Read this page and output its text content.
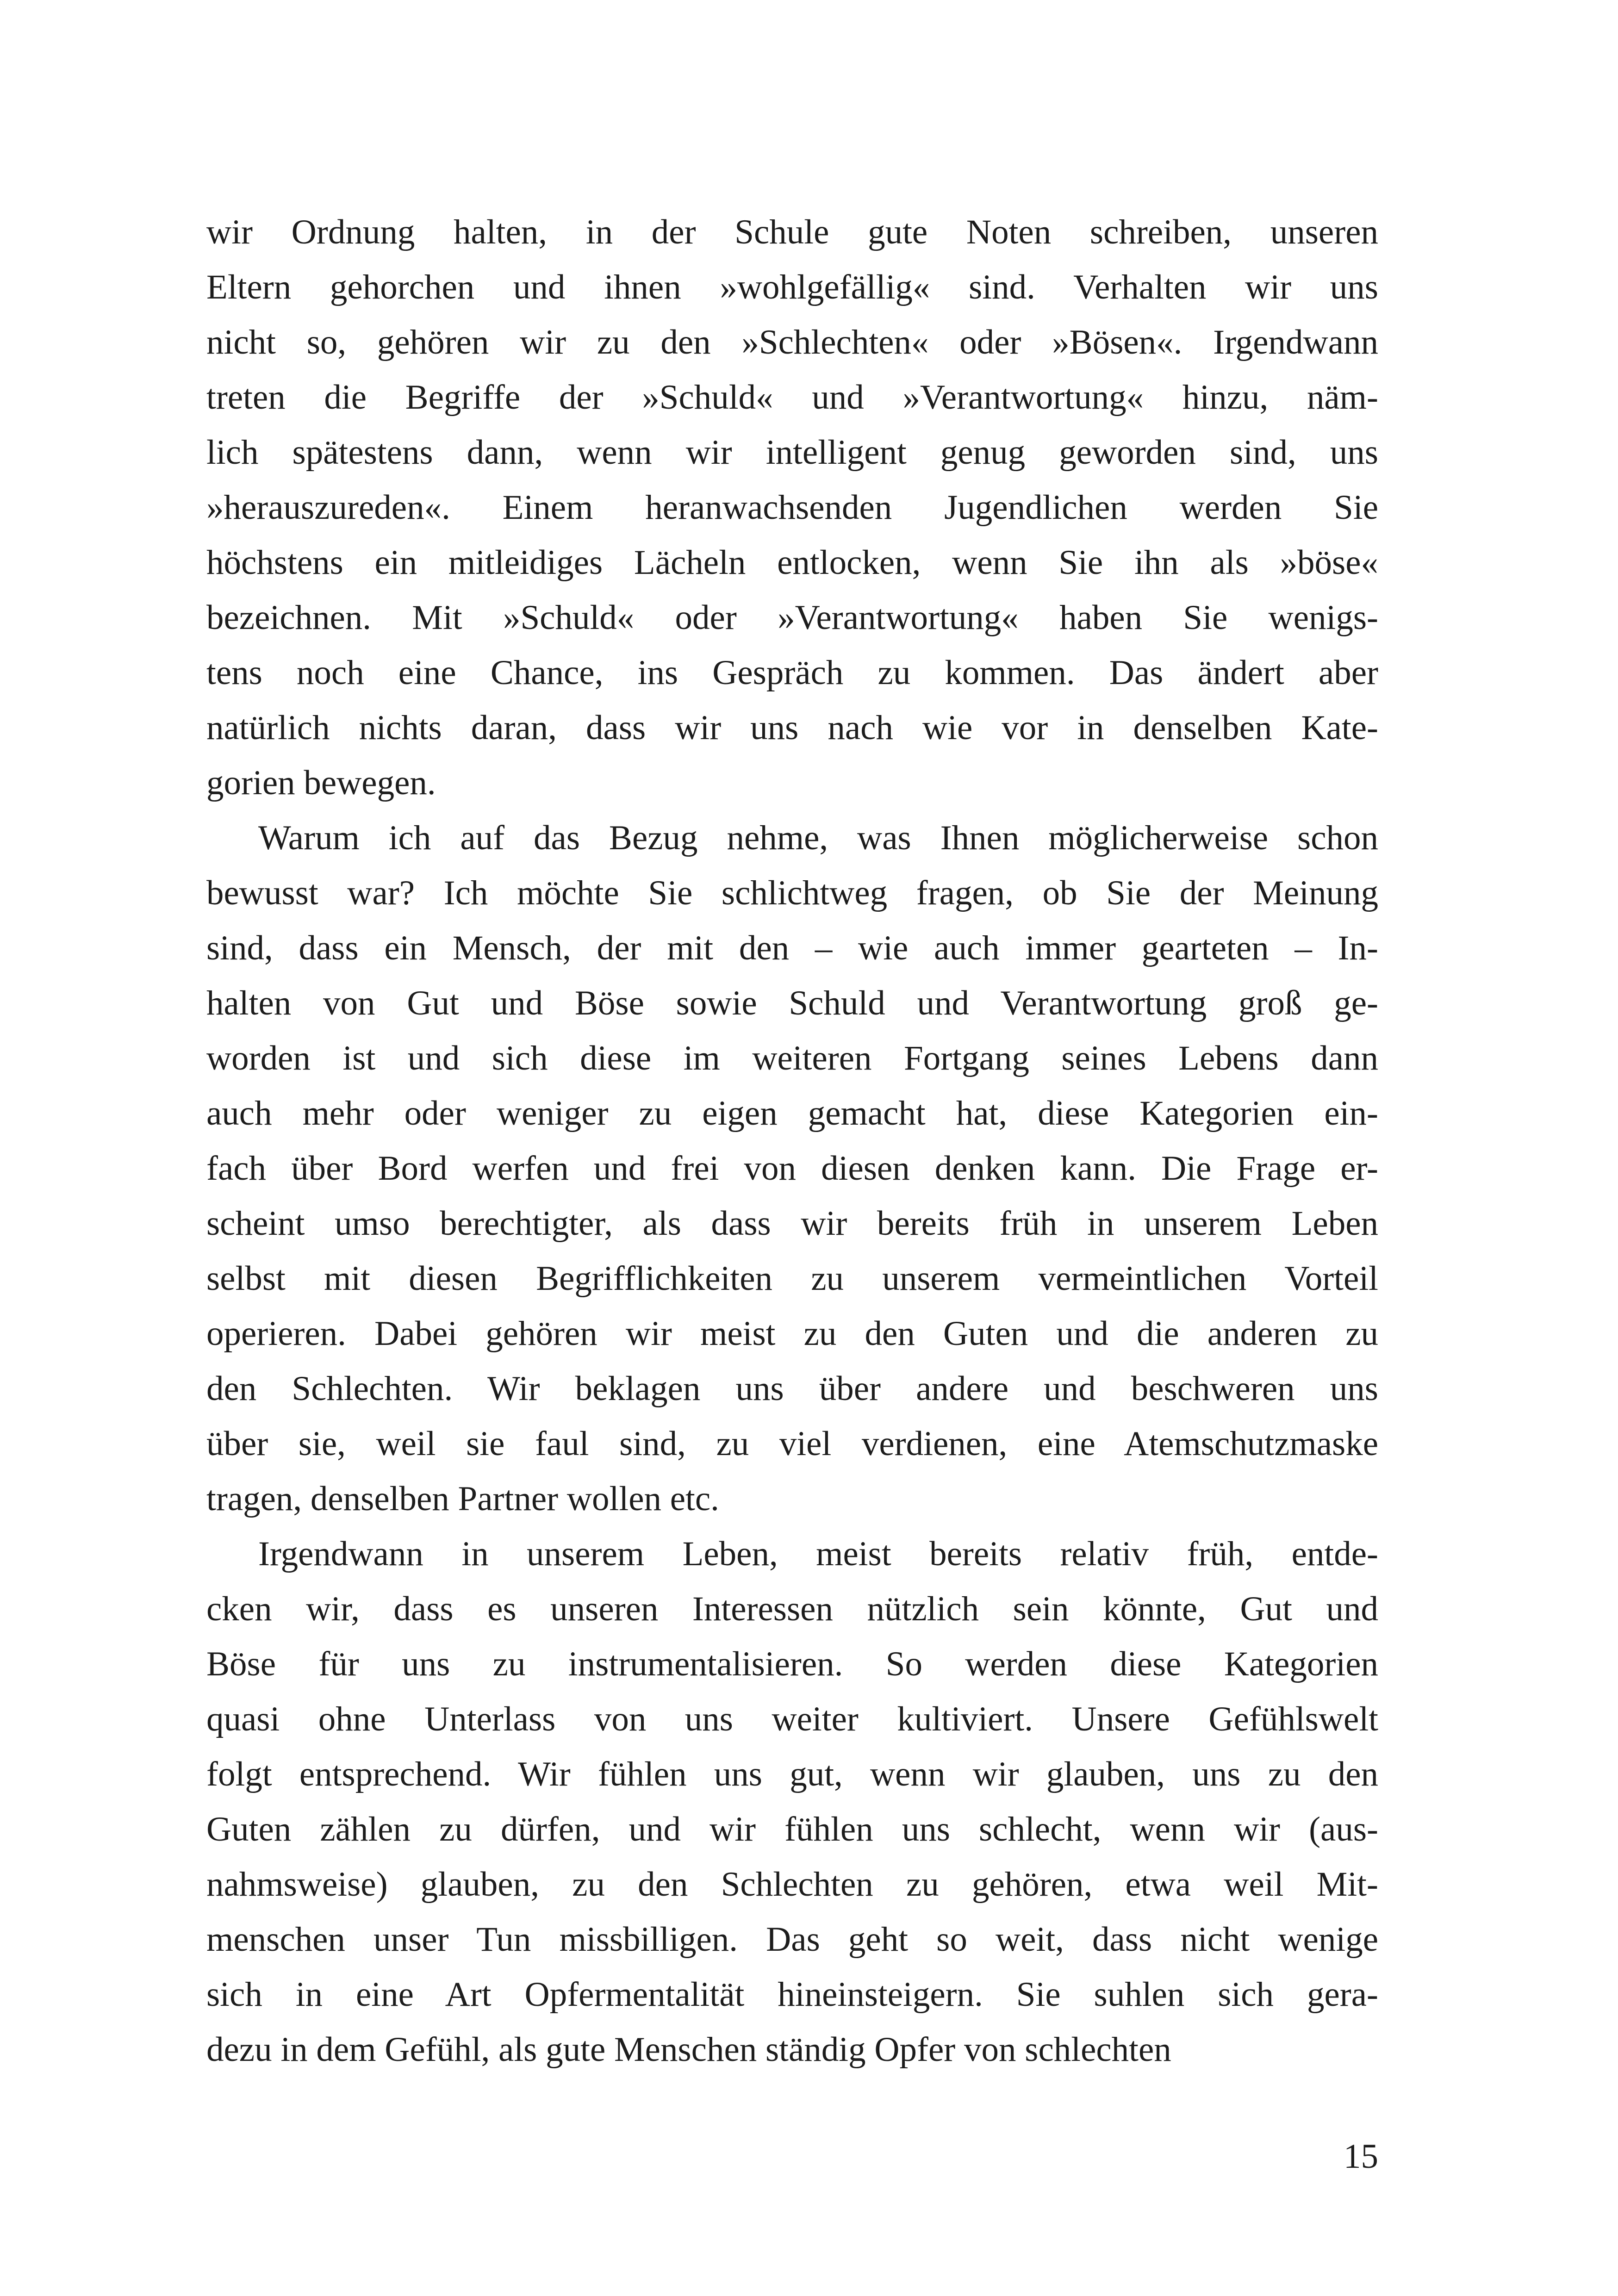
wir Ordnung halten, in der Schule gute Noten schreiben, unseren
Eltern gehorchen und ihnen »wohlgefällig« sind. Verhalten wir uns
nicht so, gehören wir zu den »Schlechten« oder »Bösen«. Irgendwann
treten die Begriffe der »Schuld« und »Verantwortung« hinzu, näm-
lich spätestens dann, wenn wir intelligent genug geworden sind, uns
»herauszureden«. Einem heranwachsenden Jugendlichen werden Sie
höchstens ein mitleidiges Lächeln entlocken, wenn Sie ihn als »böse«
bezeichnen. Mit »Schuld« oder »Verantwortung« haben Sie wenigs-
tens noch eine Chance, ins Gespräch zu kommen. Das ändert aber
natürlich nichts daran, dass wir uns nach wie vor in denselben Kate-
gorien bewegen.

Warum ich auf das Bezug nehme, was Ihnen möglicherweise schon
bewusst war? Ich möchte Sie schlichtweg fragen, ob Sie der Meinung
sind, dass ein Mensch, der mit den – wie auch immer gearteten – In-
halten von Gut und Böse sowie Schuld und Verantwortung groß ge-
worden ist und sich diese im weiteren Fortgang seines Lebens dann
auch mehr oder weniger zu eigen gemacht hat, diese Kategorien ein-
fach über Bord werfen und frei von diesen denken kann. Die Frage er-
scheint umso berechtigter, als dass wir bereits früh in unserem Leben
selbst mit diesen Begrifflichkeiten zu unserem vermeintlichen Vorteil
operieren. Dabei gehören wir meist zu den Guten und die anderen zu
den Schlechten. Wir beklagen uns über andere und beschweren uns
über sie, weil sie faul sind, zu viel verdienen, eine Atemschutzmaske
tragen, denselben Partner wollen etc.

Irgendwann in unserem Leben, meist bereits relativ früh, entde-
cken wir, dass es unseren Interessen nützlich sein könnte, Gut und
Böse für uns zu instrumentalisieren. So werden diese Kategorien
quasi ohne Unterlass von uns weiter kultiviert. Unsere Gefühlswelt
folgt entsprechend. Wir fühlen uns gut, wenn wir glauben, uns zu den
Guten zählen zu dürfen, und wir fühlen uns schlecht, wenn wir (aus-
nahmsweise) glauben, zu den Schlechten zu gehören, etwa weil Mit-
menschen unser Tun missbilligen. Das geht so weit, dass nicht wenige
sich in eine Art Opfermentalität hineinsteigern. Sie suhlen sich gera-
dezu in dem Gefühl, als gute Menschen ständig Opfer von schlechten

15
